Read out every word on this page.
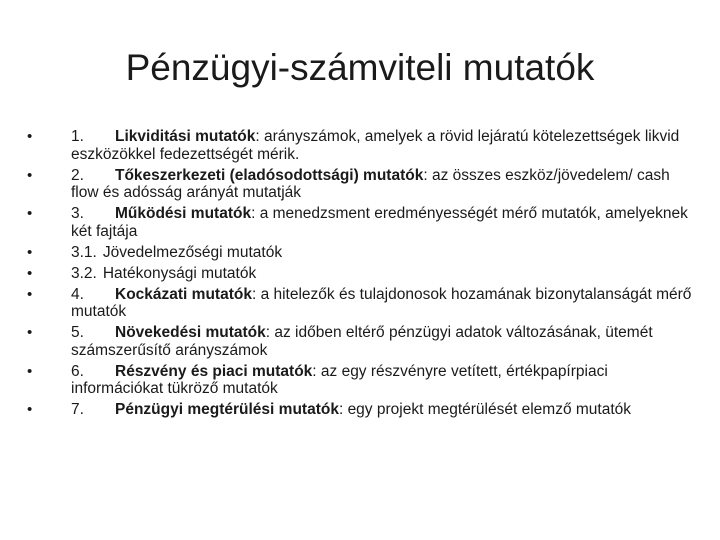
Pénzügyi-számviteli mutatók
•	1. Likviditási mutatók: arányszámok, amelyek a rövid lejáratú kötelezettségek likvid eszközökkel fedezettségét mérik.
•	2. Tőkeszerkezeti (eladósodottsági) mutatók: az összes eszköz/jövedelem/ cash flow és adósság arányát mutatják
•	3. Működési mutatók: a menedzsment eredményességét mérő mutatók, amelyeknek két fajtája
•	3.1. Jövedelmezőségi mutatók
•	3.2. Hatékonysági mutatók
•	4. Kockázati mutatók: a hitelezők és tulajdonosok hozamának bizonytalanságát mérő mutatók
•	5. Növekedési mutatók: az időben eltérő pénzügyi adatok változásának, ütemét számszerűsítő arányszámok
•	6. Részvény és piaci mutatók: az egy részvényre vetített, értékpapírpiaci információkat tükröző mutatók
•	7. Pénzügyi megtérülési mutatók: egy projekt megtérülését elemző mutatók
